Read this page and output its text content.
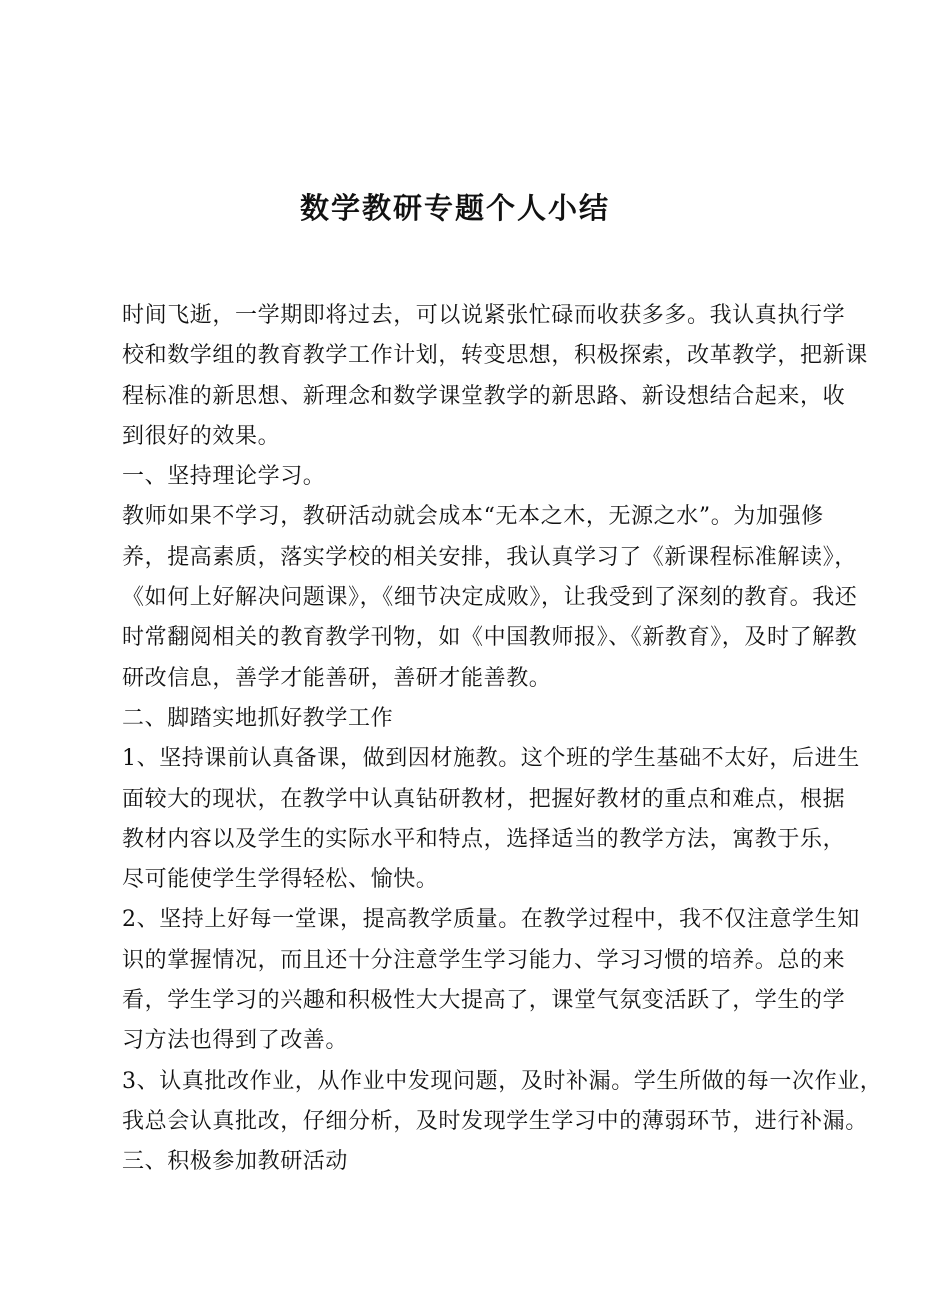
数学教研专题个人小结
时间飞逝，一学期即将过去，可以说紧张忙碌而收获多多。我认真执行学
校和数学组的教育教学工作计划，转变思想，积极探索，改革教学，把新课
程标准的新思想、新理念和数学课堂教学的新思路、新设想结合起来，收
到很好的效果。
一、坚持理论学习。
教师如果不学习，教研活动就会成本“无本之木，无源之水”。为加强修
养，提高素质，落实学校的相关安排，我认真学习了《新课程标准解读》，
《如何上好解决问题课》，《细节决定成败》，让我受到了深刻的教育。我还
时常翻阅相关的教育教学刊物，如《中国教师报》、《新教育》，及时了解教
研改信息，善学才能善研，善研才能善教。
二、脚踏实地抓好教学工作
1、坚持课前认真备课，做到因材施教。这个班的学生基础不太好，后进生
面较大的现状，在教学中认真钻研教材，把握好教材的重点和难点，根据
教材内容以及学生的实际水平和特点，选择适当的教学方法，寓教于乐，
尽可能使学生学得轻松、愉快。
2、坚持上好每一堂课，提高教学质量。在教学过程中，我不仅注意学生知
识的掌握情况，而且还十分注意学生学习能力、学习习惯的培养。总的来
看，学生学习的兴趣和积极性大大提高了，课堂气氛变活跃了，学生的学
习方法也得到了改善。
3、认真批改作业，从作业中发现问题，及时补漏。学生所做的每一次作业，
我总会认真批改，仔细分析，及时发现学生学习中的薄弱环节，进行补漏。
三、积极参加教研活动
